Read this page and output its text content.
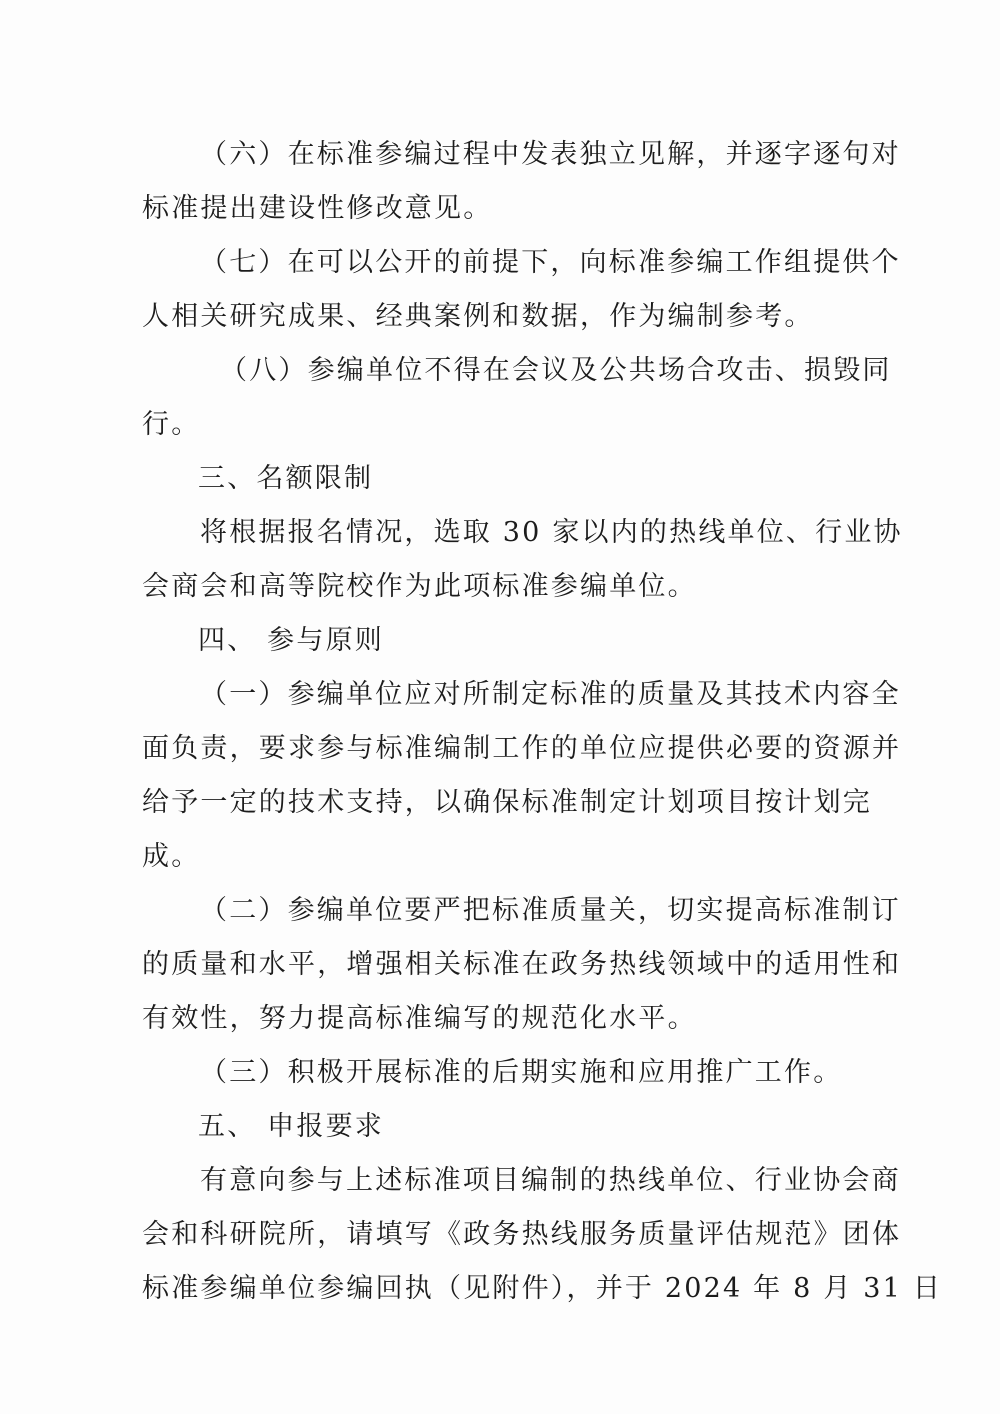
（六）在标准参编过程中发表独立见解，并逐字逐句对
标准提出建设性修改意见。
（七）在可以公开的前提下，向标准参编工作组提供个
人相关研究成果、经典案例和数据，作为编制参考。
（八）参编单位不得在会议及公共场合攻击、损毁同
行。
三、名额限制
将根据报名情况，选取 30 家以内的热线单位、行业协
会商会和高等院校作为此项标准参编单位。
四、 参与原则
（一）参编单位应对所制定标准的质量及其技术内容全
面负责，要求参与标准编制工作的单位应提供必要的资源并
给予一定的技术支持，以确保标准制定计划项目按计划完
成。
（二）参编单位要严把标准质量关，切实提高标准制订
的质量和水平，增强相关标准在政务热线领域中的适用性和
有效性，努力提高标准编写的规范化水平。
（三）积极开展标准的后期实施和应用推广工作。
五、 申报要求
有意向参与上述标准项目编制的热线单位、行业协会商
会和科研院所，请填写《政务热线服务质量评估规范》团体
标准参编单位参编回执（见附件），并于 2024 年 8 月 31 日
